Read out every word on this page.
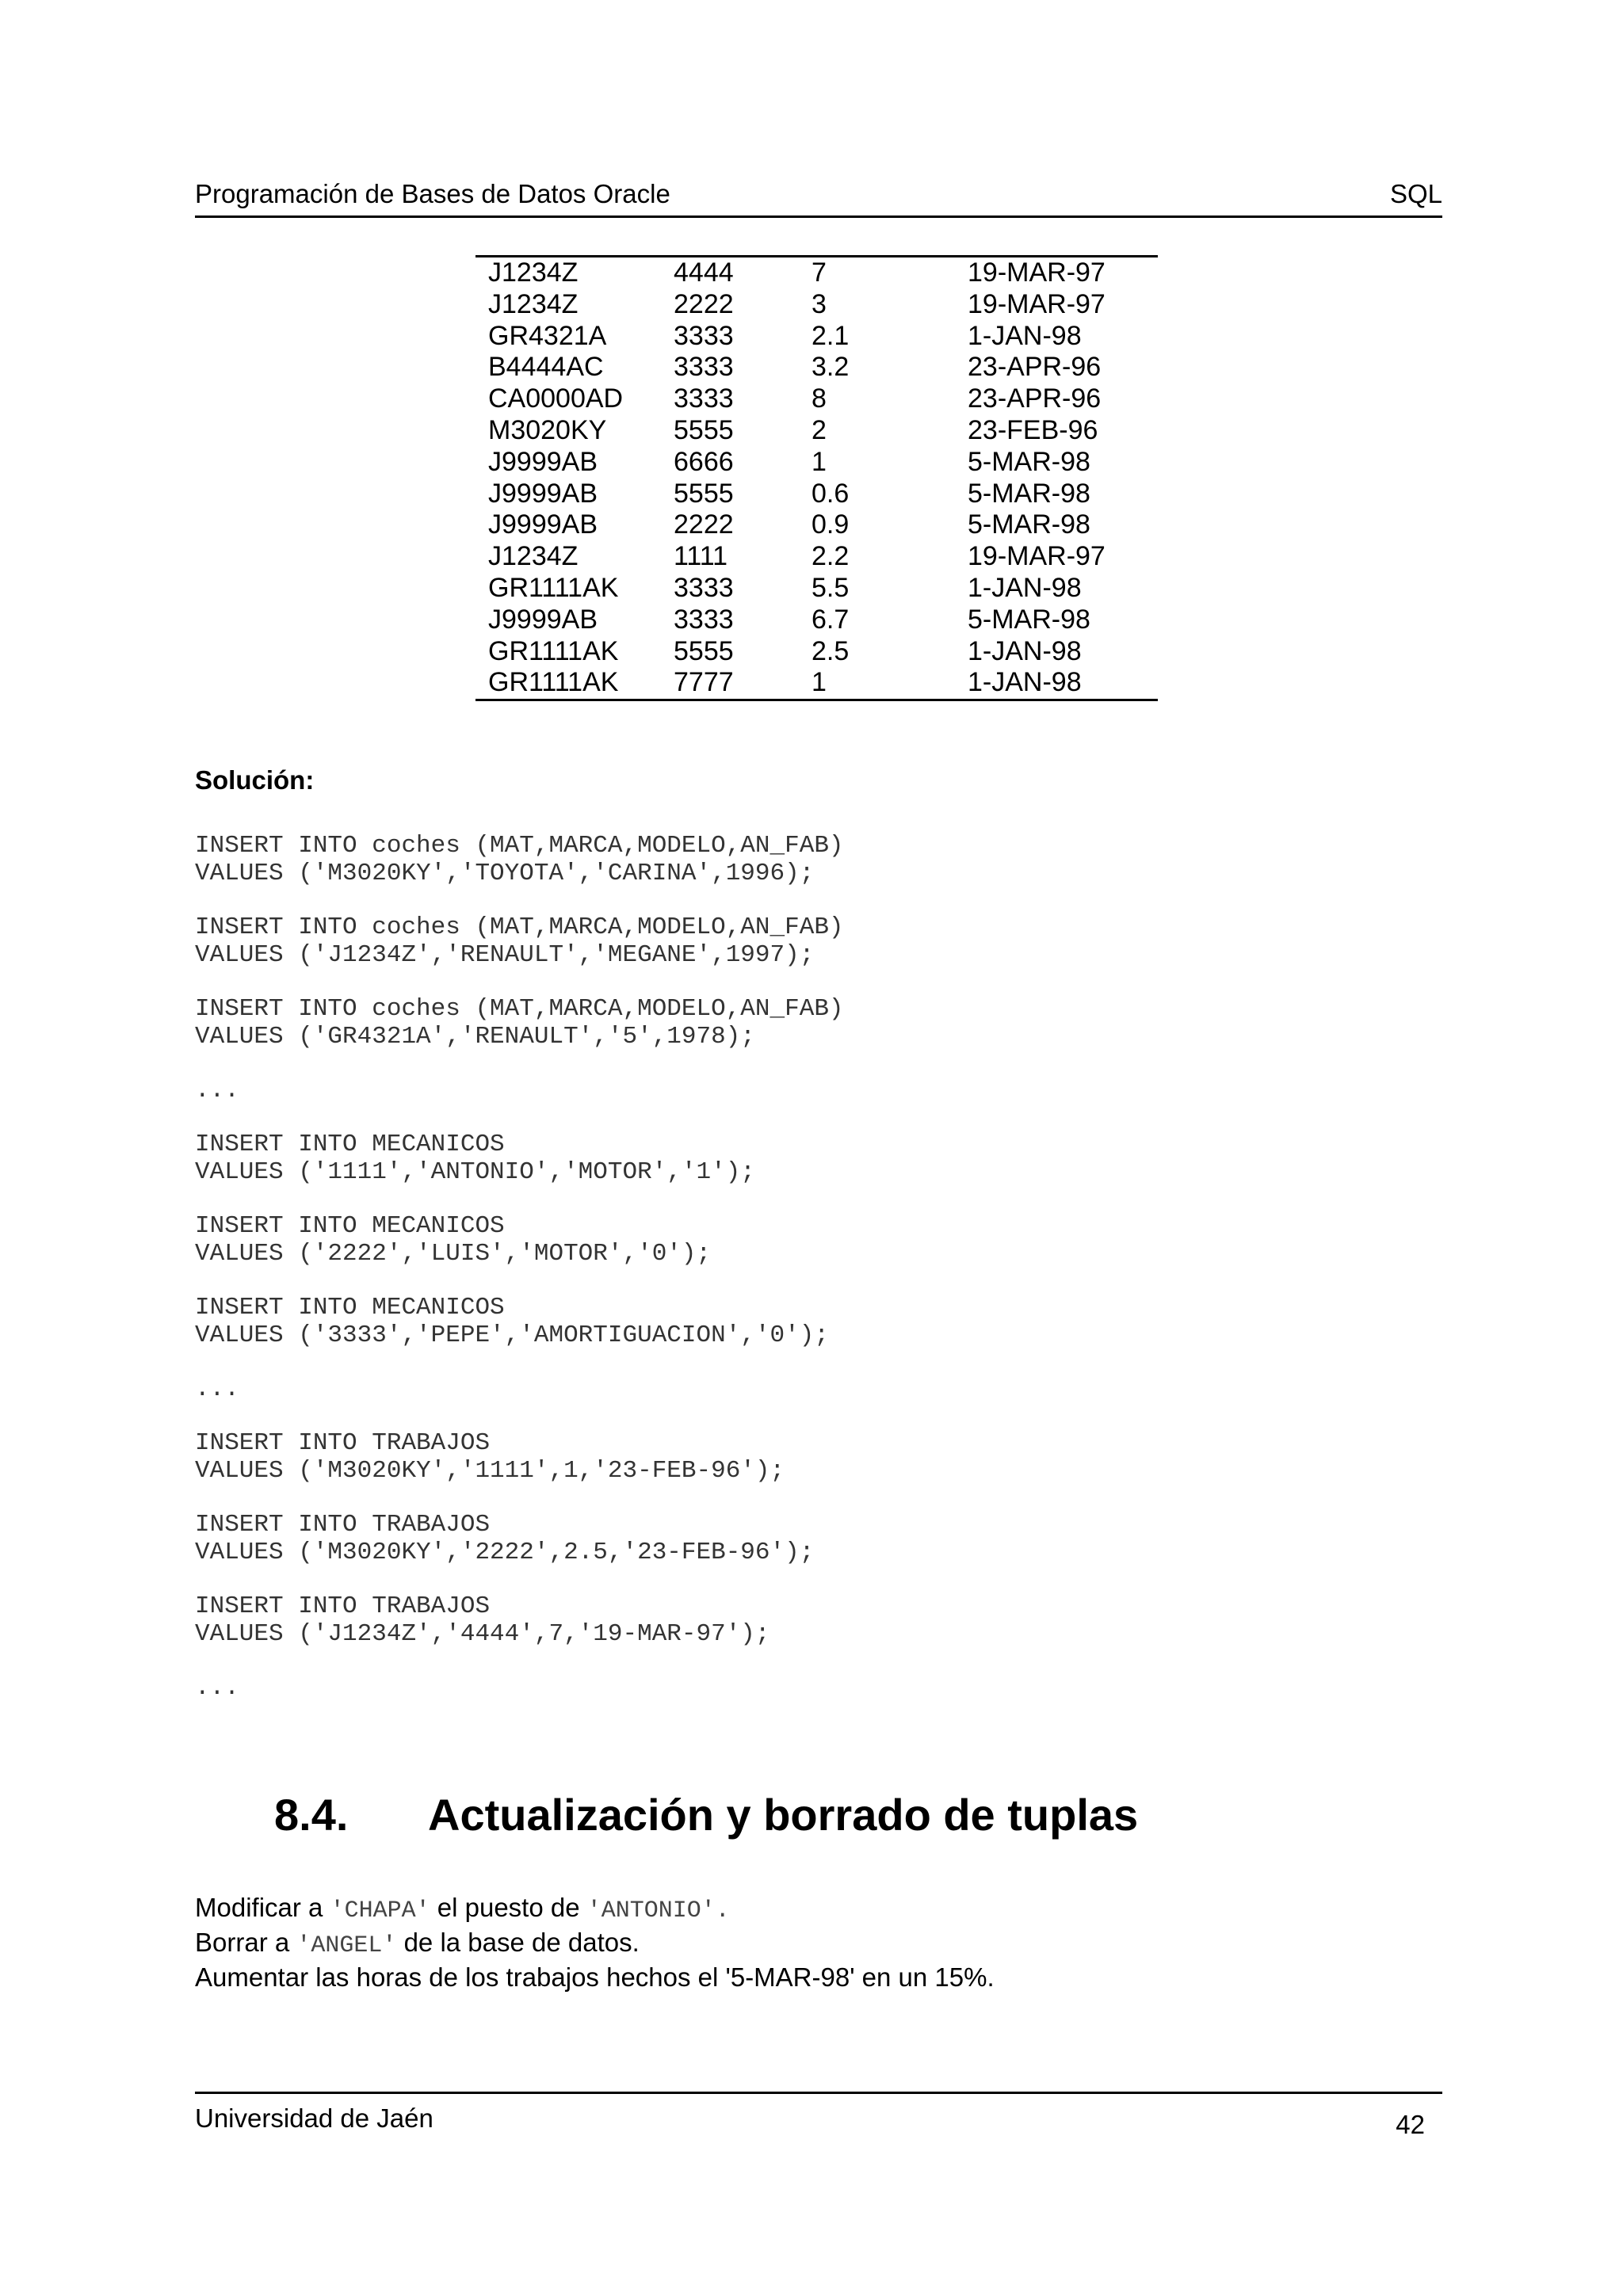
Programación de Bases de Datos Oracle	SQL
J1234Z	4444	7	19-MAR-97
J1234Z	2222	3	19-MAR-97
GR4321A	3333	2.1	1-JAN-98
B4444AC	3333	3.2	23-APR-96
CA0000AD	3333	8	23-APR-96
M3020KY	5555	2	23-FEB-96
J9999AB	6666	1	5-MAR-98
J9999AB	5555	0.6	5-MAR-98
J9999AB	2222	0.9	5-MAR-98
J1234Z	1111	2.2	19-MAR-97
GR1111AK	3333	5.5	1-JAN-98
J9999AB	3333	6.7	5-MAR-98
GR1111AK	5555	2.5	1-JAN-98
GR1111AK	7777	1	1-JAN-98
Solución:
INSERT INTO coches (MAT,MARCA,MODELO,AN_FAB)
VALUES ('M3020KY','TOYOTA','CARINA',1996);
INSERT INTO coches (MAT,MARCA,MODELO,AN_FAB)
VALUES ('J1234Z','RENAULT','MEGANE',1997);
INSERT INTO coches (MAT,MARCA,MODELO,AN_FAB)
VALUES ('GR4321A','RENAULT','5',1978);
...
INSERT INTO MECANICOS
VALUES ('1111','ANTONIO','MOTOR','1');
INSERT INTO MECANICOS
VALUES ('2222','LUIS','MOTOR','0');
INSERT INTO MECANICOS
VALUES ('3333','PEPE','AMORTIGUACION','0');
...
INSERT INTO TRABAJOS
VALUES ('M3020KY','1111',1,'23-FEB-96');
INSERT INTO TRABAJOS
VALUES ('M3020KY','2222',2.5,'23-FEB-96');
INSERT INTO TRABAJOS
VALUES ('J1234Z','4444',7,'19-MAR-97');
...
8.4. Actualización y borrado de tuplas
Modificar a 'CHAPA' el puesto de 'ANTONIO'.
Borrar a 'ANGEL' de la base de datos.
Aumentar las horas de los trabajos hechos el '5-MAR-98' en un 15%.
Universidad de Jaén	42
